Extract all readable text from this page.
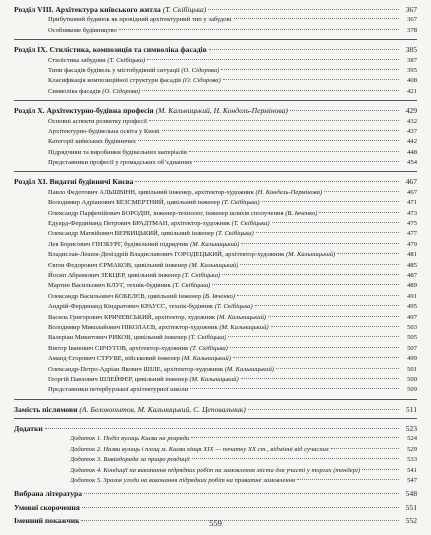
Розділ VIII. Архітектура київського житла (Т. Скібіцька)	367
Прибутковий будинок як провідний архітектурний тип у забудові	367
Особнякове будівництво	378
Розділ IX. Стилістика, композиція та символіка фасадів	385
Стилістика забудови (Т. Скібіцька)	387
Типи фасадів будівель у містобудівній ситуації (О. Сідорова)	395
Класифікація композиційної структури фасадів (О. Сідорова)	408
Символіка фасадів (О. Сідорова)	421
Розділ X. Архітектурно-будівна професія (М. Кальницький, Н. Кондель-Пермінова)	429
Основні аспекти розвитку професії	432
Архітектурно-будівельна освіта у Києві	437
Категорії київських будівничих	442
Підрядчики та виробники будівельних матеріалів	448
Представники професії у громадських об’єднаннях	454
Розділ XI. Видатні будівничі Києва	467
Павло Федотович АЛЬШВІНН, цивільний інженер, архітектор-художник (Н. Кондель-Пермінова)	467
Володимир Адріанович БЕЗСМЕРТНИЙ, цивільний інженер (Т. Скібіцька)	471
Олександр Парфенійович БОРОДІН, інженер-технолог, інженер шляхів сполучення (В. Івченко)	473
Едуард-Фердинанд Петрович БРАДТМАН, архітектор-художник (Т. Скібіцька)	475
Олександр Матвійович ВЕРБИЦЬКИЙ, цивільний інженер (Т. Скібіцька)	477
Лев Борисович ГІНЗБУРГ, будівельний підрядчик (М. Кальницький)	479
Владислав-Лешек-Деніздрій Владиславович ГОРОДЕЦЬКИЙ, архітектор-художник (М. Кальницький)	481
Євген Федорович ЄРМАКОВ, цивільний інженер (М. Кальницький)	485
Йосип Абрамович ЗЕКЦЕР, цивільний інженер (Т. Скібіцька)	487
Мартин Васильович КЛУГ, технік-будівник (Т. Скібіцька)	489
Олександр Васильович КОБЕЛЄВ, цивільний інженер (В. Івченко)	491
Андрій-Фердинанд Кіндратович КРАУСС, технік-будівник (Т. Скібіцька)	495
Василь Григорович КРИЧЕВСЬКИЙ, архітектор, художник (М. Кальницький)	497
Володимир Миколайович НІКОЛАЄВ, архітектор-художник (М. Кальницький)	503
Валеріан Микитович РИКОВ, цивільний інженер (Т. Скібіцька)	505
Віктор Іванович СИЧУГОВ, архітектор-художник (Т. Скібіцька)	507
Аманд Єгорович СТРУВЕ, військовий інженер (М. Кальницький)	499
Олександр-Петро-Адріан Якович ШІЛЕ, архітектор-художник (М. Кальницький)	501
Георгій Павлович ШЛЕЙФЕР, цивільний інженер (М. Кальницький)	500
Представники петербурзької архітектурної школи	509
Замість післямови (А. Белокопытов, М. Кальницький, С. Цеповальник)	511
Додатки	523
Додаток 1. Поділ вулиць Києва на розряди	524
Додаток 2. Назви вулиць і площ м. Києва кінця XIX — початку XX ст., відмінні від сучасних	529
Додаток 3. Вивіадорада за працю роздиції	533
Додаток 4. Кондиції на виконання підрядних робіт на замовлення міста для участі у торгах (тендері)	541
Додаток 5. Зразок угоди на виконання підрядних робіт на приватне замовлення	547
Вибрана література	548
Умовні скорочення	551
Іменний покажчик	552
559
